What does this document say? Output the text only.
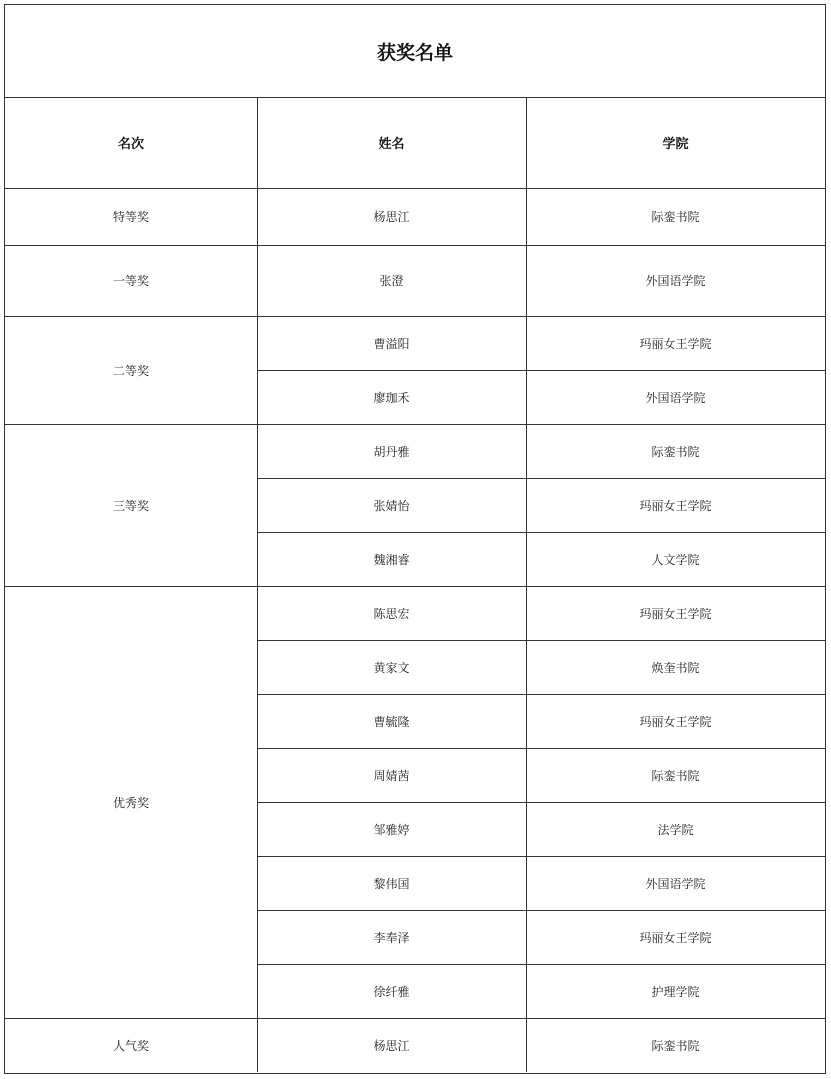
获奖名单
名次	姓名	学院
特等奖	杨思江	际銮书院
一等奖	张澄	外国语学院
二等奖
曹溢阳	玛丽女王学院
廖珈禾	外国语学院
三等奖
胡丹雅	际銮书院
张婧怡	玛丽女王学院
魏湘睿	人文学院
优秀奖
陈思宏	玛丽女王学院
黄家文	焕奎书院
曹毓隆	玛丽女王学院
周婧茜	际銮书院
邹雅婷	法学院
黎伟国	外国语学院
李奉泽	玛丽女王学院
徐纤雅	护理学院
人气奖	杨思江	际銮书院
